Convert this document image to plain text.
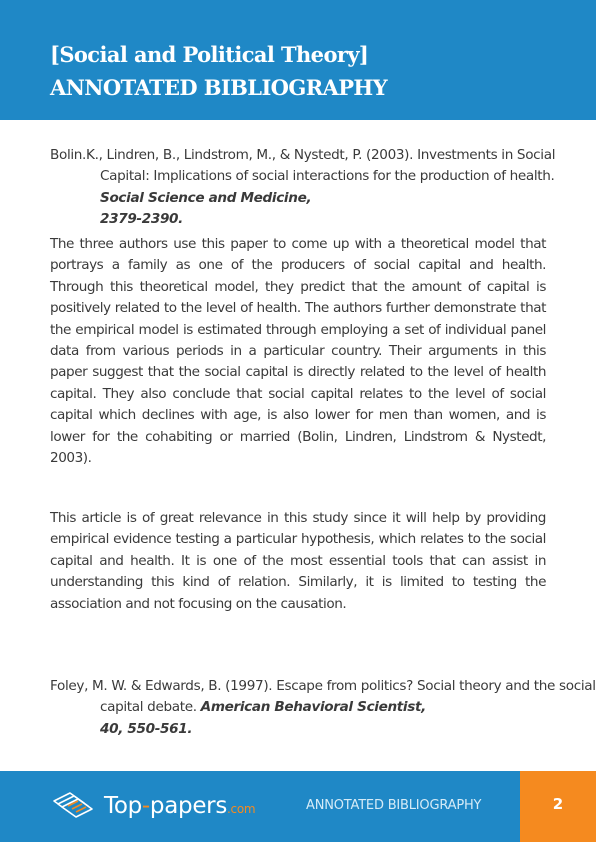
[Social and Political Theory]
ANNOTATED BIBLIOGRAPHY
Bolin.K., Lindren, B., Lindstrom, M., & Nystedt, P. (2003). Investments in Social Capital: Implications of social interactions for the production of health. Social Science and Medicine,
2379-2390.

The three authors use this paper to come up with a theoretical model that portrays a family as one of the producers of social capital and health. Through this theoretical model, they predict that the amount of capital is positively related to the level of health. The authors further demonstrate that the empirical model is estimated through employing a set of individual panel data from various periods in a particular country. Their arguments in this paper suggest that the social capital is directly related to the level of health capital. They also conclude that social capital relates to the level of social capital which declines with age, is also lower for men than women, and is lower for the cohabiting or married (Bolin, Lindren, Lindstrom & Nystedt, 2003).

This article is of great relevance in this study since it will help by providing empirical evidence testing a particular hypothesis, which relates to the social capital and health. It is one of the most essential tools that can assist in understanding this kind of relation. Similarly, it is limited to testing the association and not focusing on the causation.

Foley, M. W. & Edwards, B. (1997). Escape from politics? Social theory and the social capital debate. American Behavioral Scientist,
40, 550-561.
Top-papers.com	ANNOTATED BIBLIOGRAPHY	2
